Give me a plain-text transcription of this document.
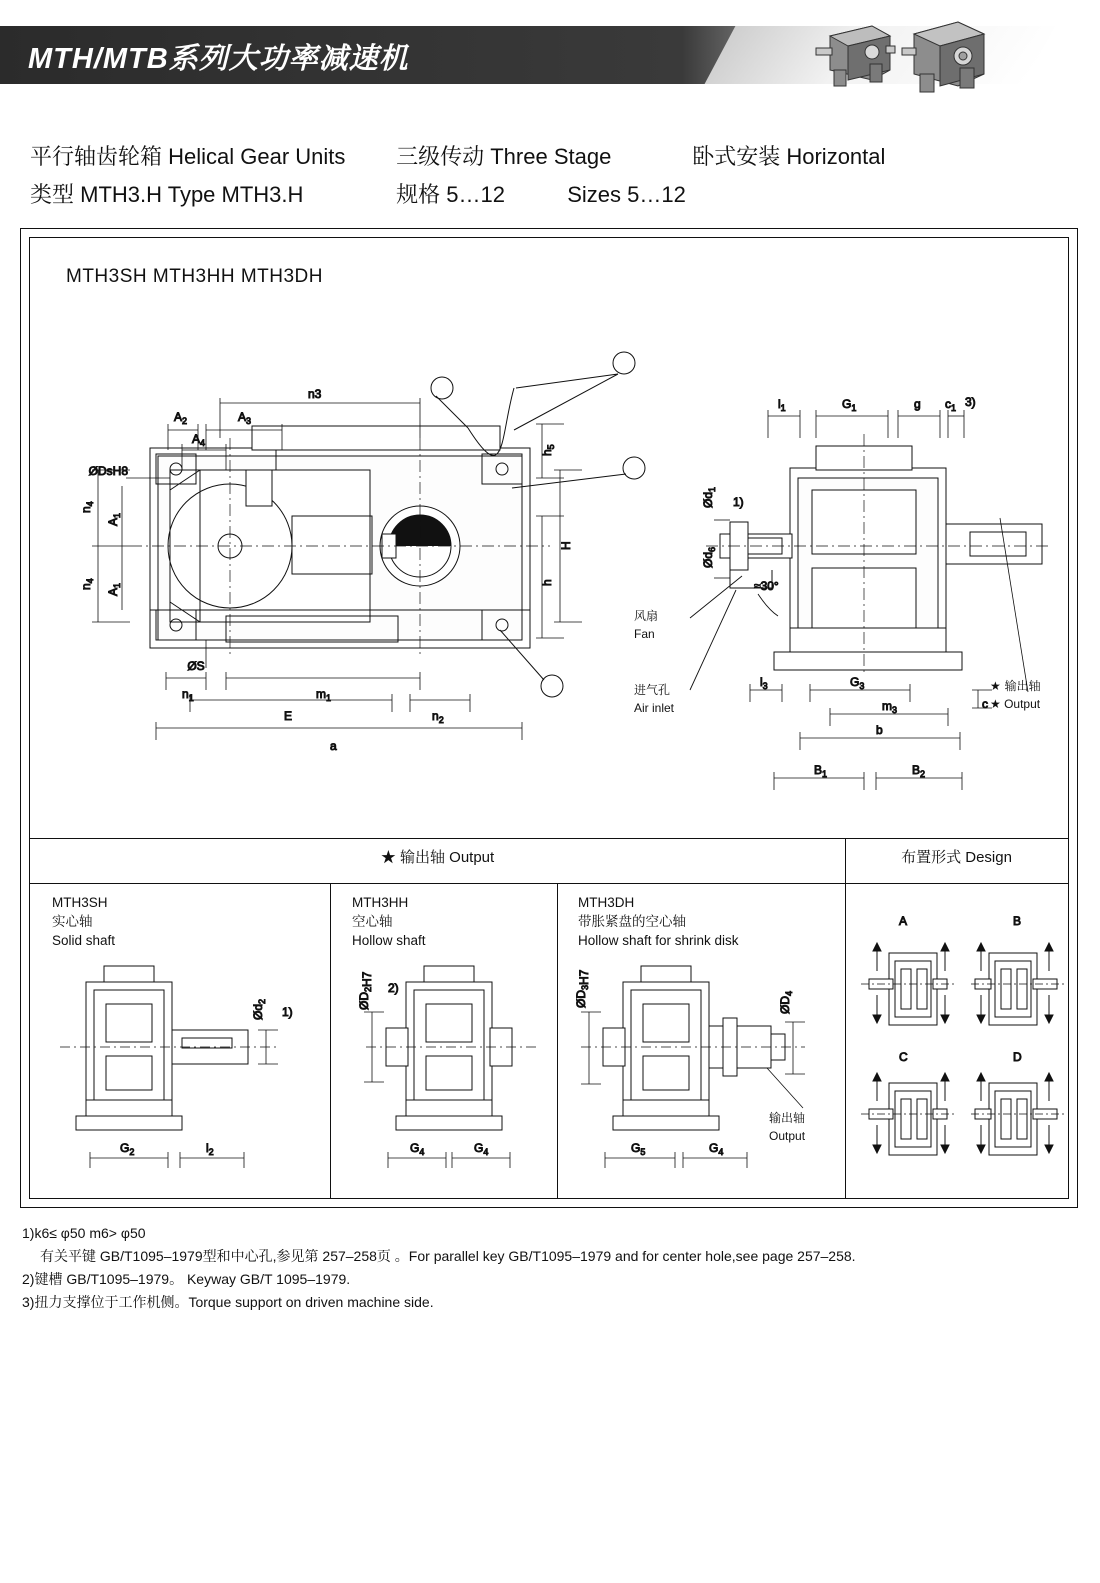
MTH/MTB系列大功率减速机
平行轴齿轮箱 Helical Gear Units 三级传动 Three Stage	卧式安装 Horizontal
类型 MTH3.H Type MTH3.H	规格 5…12	Sizes 5…12
MTH3SH MTH3HH MTH3DH
n3
$A_2$	$A_3$
$A_4$
ØDsH8
$n_4$
$n_4$
$A_1$
$A_1$
H
h
$h_5$
ØS
$n_1$	$m_1$
E	$n_2$
a
$l_1$	$G_1$	g $c_1$ 3)
$Ød_1$
1)
$Ød_6$
$l_3$	$G_3$
$m_3$
b
$B_1$	$B_2$
c
≈30°
风扇
Fan
进气孔
Air inlet
★ 输出轴
★ Output
★ 输出轴 Output	布置形式 Design
MTH3SH
实心轴
Solid shaft
$G_2$	$l_2$
$Ød_2$
1)
MTH3HH
空心轴
Hollow shaft
$G_4$	$G_4$
$ØD_2H7$
2)
MTH3DH
带胀紧盘的空心轴
Hollow shaft for shrink disk
$G_5$	$G_4$
$ØD_3H7$
$ØD_4$
输出轴
Output
A	B
C	D
1)k6≤ φ50 m6> φ50
有关平键 GB/T1095–1979型和中心孔,参见第 257–258页 。For parallel key GB/T1095–1979 and for center hole,see page 257–258.
2)键槽 GB/T1095–1979。 Keyway GB/T 1095–1979.
3)扭力支撑位于工作机侧。Torque support on driven machine side.
